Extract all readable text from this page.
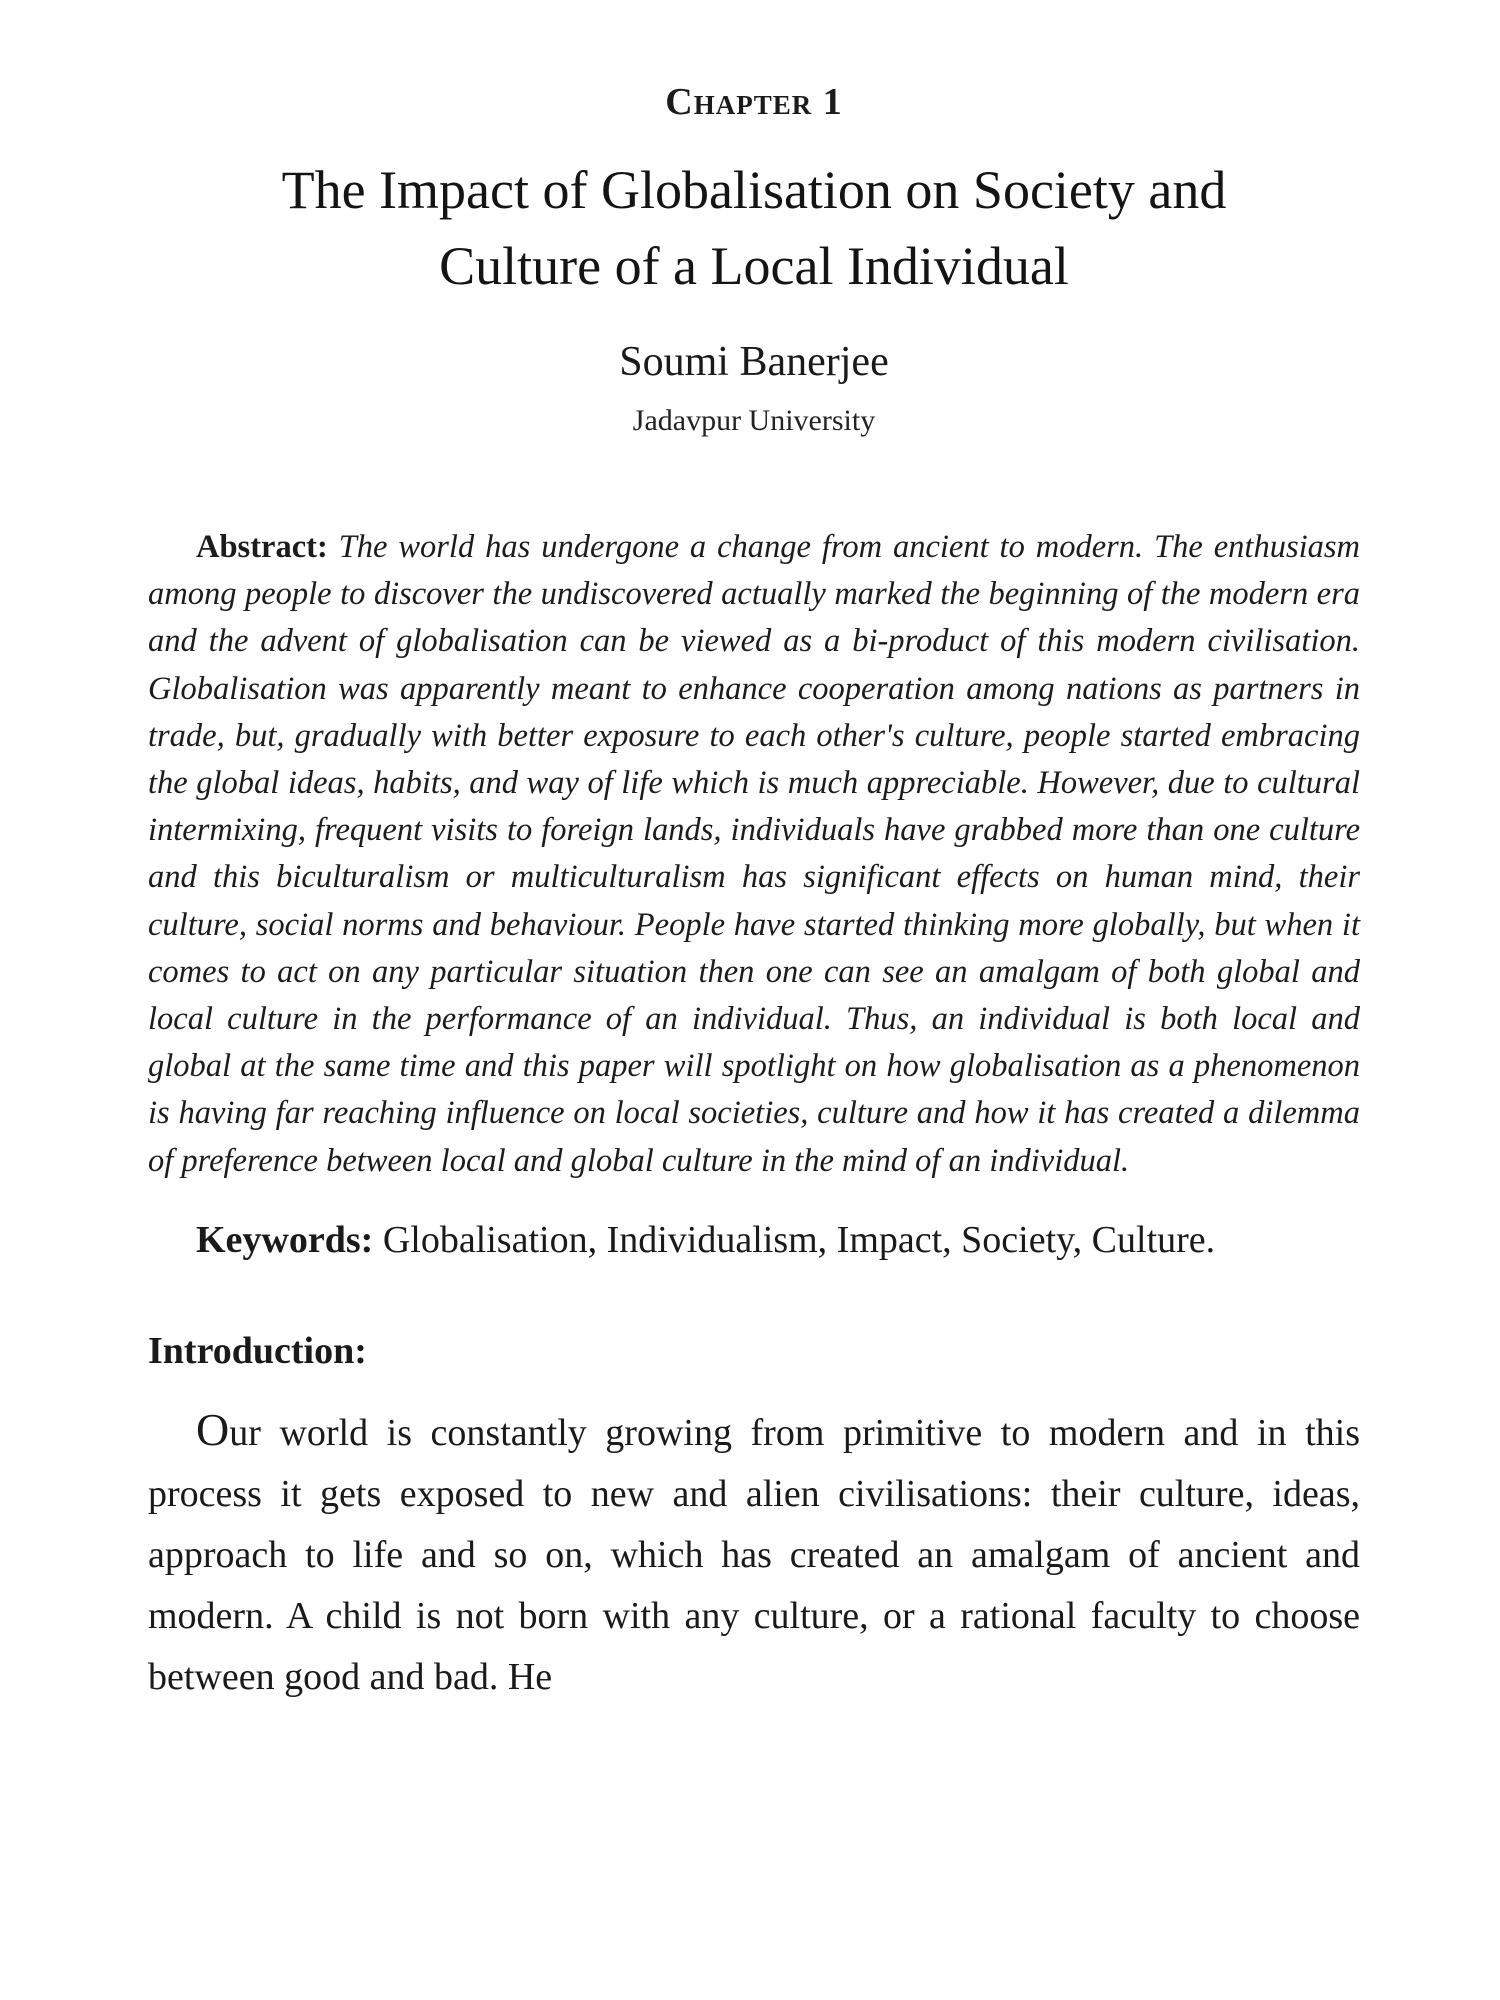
Chapter 1
The Impact of Globalisation on Society and
Culture of a Local Individual
Soumi Banerjee
Jadavpur University

Abstract: The world has undergone a change from ancient to modern. The enthusiasm among people to discover the undiscovered actually marked the beginning of the modern era and the advent of globalisation can be viewed as a bi-product of this modern civilisation. Globalisation was apparently meant to enhance cooperation among nations as partners in trade, but, gradually with better exposure to each other's culture, people started embracing the global ideas, habits, and way of life which is much appreciable. However, due to cultural intermixing, frequent visits to foreign lands, individuals have grabbed more than one culture and this biculturalism or multiculturalism has significant effects on human mind, their culture, social norms and behaviour. People have started thinking more globally, but when it comes to act on any particular situation then one can see an amalgam of both global and local culture in the performance of an individual. Thus, an individual is both local and global at the same time and this paper will spotlight on how globalisation as a phenomenon is having far reaching influence on local societies, culture and how it has created a dilemma of preference between local and global culture in the mind of an individual.

Keywords: Globalisation, Individualism, Impact, Society, Culture.

Introduction:

Our world is constantly growing from primitive to modern and in this process it gets exposed to new and alien civilisations: their culture, ideas, approach to life and so on, which has created an amalgam of ancient and modern. A child is not born with any culture, or a rational faculty to choose between good and bad. He
